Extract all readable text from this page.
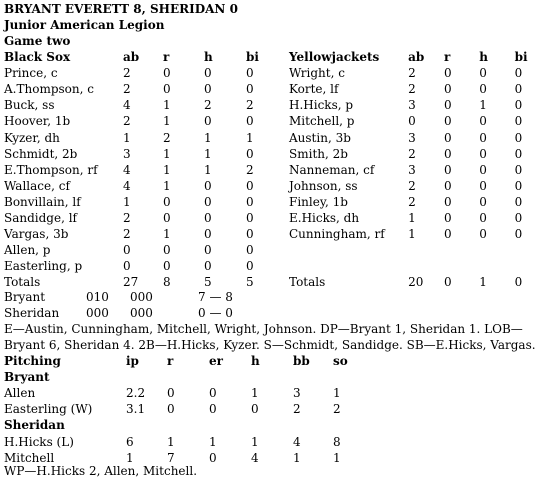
BRYANT EVERETT 8, SHERIDAN 0
Junior American Legion
Game two
Black Sox	ab	r	h	bi
Prince, c	2	0	0	0
A.Thompson, c	2	0	0	0
Buck, ss	4	1	2	2
Hoover, 1b	2	1	0	0
Kyzer, dh	1	2	1	1
Schmidt, 2b	3	1	1	0
E.Thompson, rf	4	1	1	2
Wallace, cf	4	1	0	0
Bonvillain, lf	1	0	0	0
Sandidge, lf	2	0	0	0
Vargas, 3b	2	1	0	0
Allen, p	0	0	0	0
Easterling, p	0	0	0	0
Totals	27	8	5	5
Yellowjackets	ab	r	h	bi
Wright, c	2	0	0	0
Korte, lf	2	0	0	0
H.Hicks, p	3	0	1	0
Mitchell, p	0	0	0	0
Austin, 3b	3	0	0	0
Smith, 2b	2	0	0	0
Nanneman, cf	3	0	0	0
Johnson, ss	2	0	0	0
Finley, 1b	2	0	0	0
E.Hicks, dh	1	0	0	0
Cunningham, rf	1	0	0	0

Totals	20	0	1	0
Bryant	010	000	7 — 8
Sheridan	000	000	0 — 0
E—Austin, Cunningham, Mitchell, Wright, Johnson. DP—Bryant 1, Sheridan 1. LOB—Bryant 6, Sheridan 4. 2B—H.Hicks, Kyzer. S—Schmidt, Sandidge. SB—E.Hicks, Vargas.
Pitching	ip	r	er	h	bb	so
Bryant						
Allen	2.2	0	0	1	3	1
Easterling (W)	3.1	0	0	0	2	2
Sheridan						
H.Hicks (L)	6	1	1	1	4	8
Mitchell	1	7	0	4	1	1
WP—H.Hicks 2, Allen, Mitchell.
